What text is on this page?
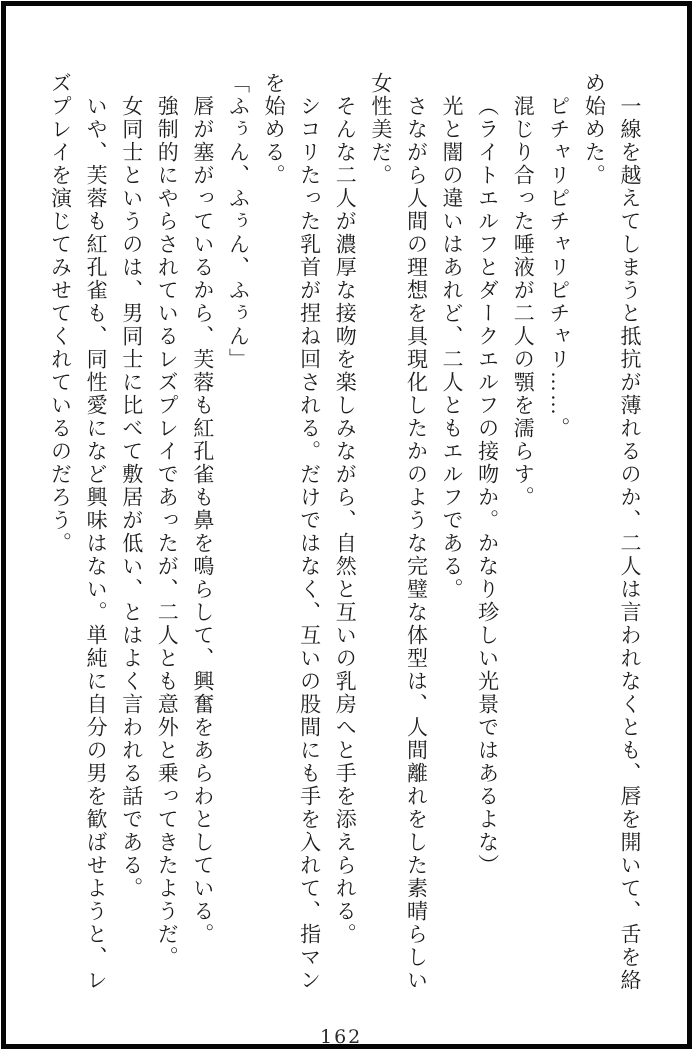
一線を越えてしまうと抵抗が薄れるのか、二人は言われなくとも、唇を開いて、舌を絡

め始めた。

ピチャリピチャリピチャリ……。

混じり合った唾液が二人の顎を濡らす。

（ライトエルフとダークエルフの接吻か。かなり珍しい光景ではあるよな）

光と闇の違いはあれど、二人ともエルフである。

さながら人間の理想を具現化したかのような完璧な体型は、人間離れをした素晴らしい

女性美だ。

そんな二人が濃厚な接吻を楽しみながら、自然と互いの乳房へと手を添えられる。

シコリたった乳首が捏ね回される。だけではなく、互いの股間にも手を入れて、指マン

を始める。

「ふぅん、ふぅん、ふぅん」

唇が塞がっているから、芙蓉も紅孔雀も鼻を鳴らして、興奮をあらわとしている。

強制的にやらされているレズプレイであったが、二人とも意外と乗ってきたようだ。

女同士というのは、男同士に比べて敷居が低い、とはよく言われる話である。

いや、芙蓉も紅孔雀も、同性愛になど興味はない。単純に自分の男を歓ばせようと、レ

ズプレイを演じてみせてくれているのだろう。

162
